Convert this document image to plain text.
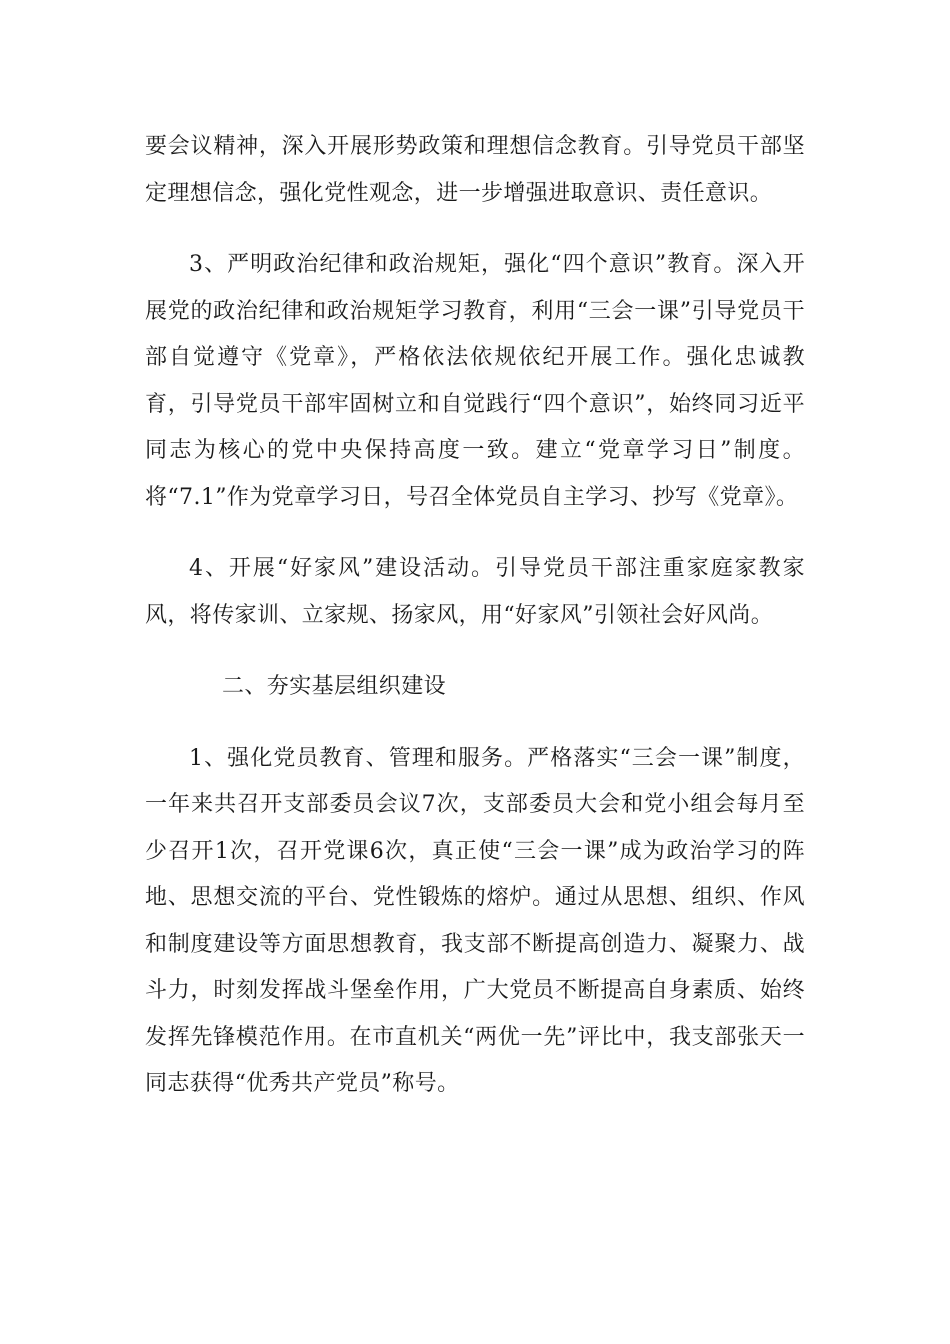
要会议精神，深入开展形势政策和理想信念教育。引导党员干部坚定理想信念，强化党性观念，进一步增强进取意识、责任意识。

3、严明政治纪律和政治规矩，强化“四个意识”教育。深入开展党的政治纪律和政治规矩学习教育，利用“三会一课”引导党员干部自觉遵守《党章》，严格依法依规依纪开展工作。强化忠诚教育，引导党员干部牢固树立和自觉践行“四个意识”，始终同习近平同志为核心的党中央保持高度一致。建立“党章学习日”制度。将“7.1”作为党章学习日，号召全体党员自主学习、抄写《党章》。

4、开展“好家风”建设活动。引导党员干部注重家庭家教家风，将传家训、立家规、扬家风，用“好家风”引领社会好风尚。

二、夯实基层组织建设

1、强化党员教育、管理和服务。严格落实“三会一课”制度，一年来共召开支部委员会议7次，支部委员大会和党小组会每月至少召开1次，召开党课6次，真正使“三会一课”成为政治学习的阵地、思想交流的平台、党性锻炼的熔炉。通过从思想、组织、作风和制度建设等方面思想教育，我支部不断提高创造力、凝聚力、战斗力，时刻发挥战斗堡垒作用，广大党员不断提高自身素质、始终发挥先锋模范作用。在市直机关“两优一先”评比中，我支部张天一同志获得“优秀共产党员”称号。
